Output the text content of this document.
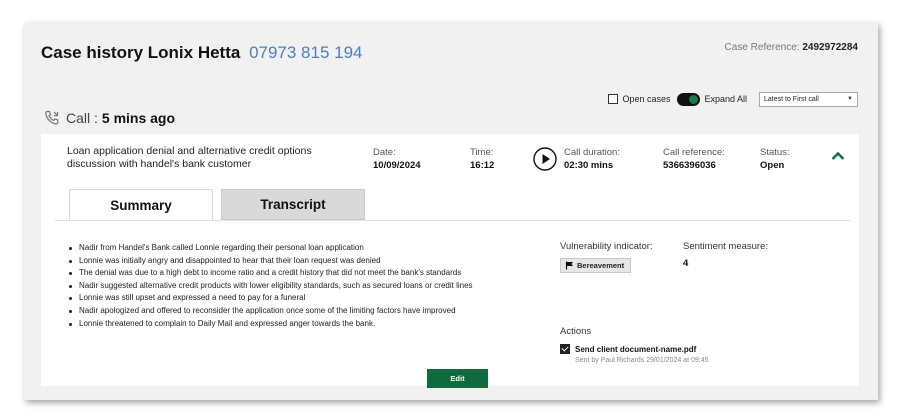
Case history Lonix Hetta 07973 815 194	Case Reference: 2492972284
Open cases	Expand All	Latest to First call	▼
Call : 5 mins ago
Loan application denial and alternative credit options discussion with handel's bank customer
Date:
10/09/2024
Time:
16:12
Call duration:
02:30 mins
Call reference:
5366396036
Status:
Open
Summary	Transcript
Nadir from Handel's Bank called Lonnie regarding their personal loan application
Lonnie was initially angry and disappointed to hear that their loan request was denied
The denial was due to a high debt to income ratio and a credit history that did not meet the bank's standards
Nadir suggested alternative credit products with lower eligibility standards, such as secured loans or credit lines
Lonnie was still upset and expressed a need to pay for a funeral
Nadir apologized and offered to reconsider the application once some of the limiting factors have improved
Lonnie threatened to complain to Daily Mail and expressed anger towards the bank.
Vulnerability indicator:
Bereavement
Sentiment measure:
4
Actions
Send client document-name.pdf
Sent by Paul Richards 29/01/2024 at 09:45
Edit
